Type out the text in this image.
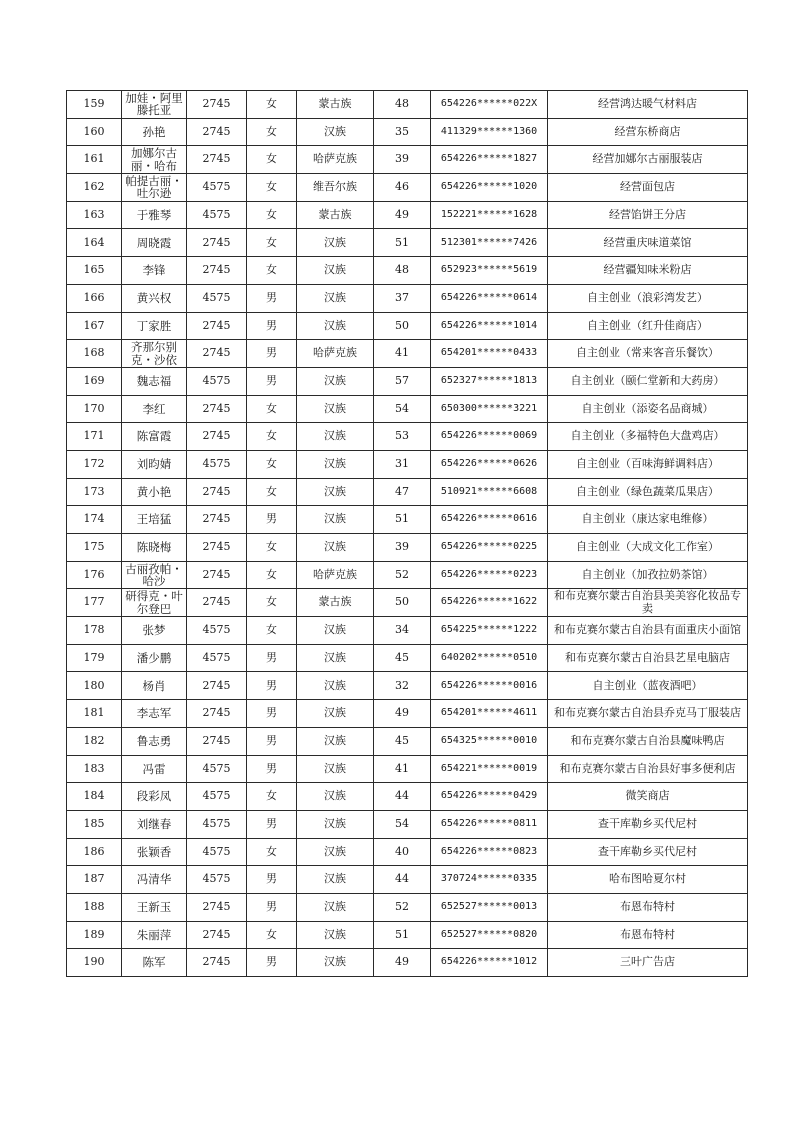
159	加娃・阿里滕托亚	2745	女	蒙古族	48	654226******022X	经营鸿达暖气材料店
160	孙艳	2745	女	汉族	35	411329******1360	经营东桥商店
161	加娜尔古丽・哈布	2745	女	哈萨克族	39	654226******1827	经营加娜尔古丽服装店
162	帕提古丽・吐尔逊	4575	女	维吾尔族	46	654226******1020	经营面包店
163	于雅琴	4575	女	蒙古族	49	152221******1628	经营馅饼王分店
164	周晓霞	2745	女	汉族	51	512301******7426	经营重庆味道菜馆
165	李锋	2745	女	汉族	48	652923******5619	经营疆知味米粉店
166	黄兴权	4575	男	汉族	37	654226******0614	自主创业（浪彩湾发艺）
167	丁家胜	2745	男	汉族	50	654226******1014	自主创业（红升佳商店）
168	齐那尔别克・沙依	2745	男	哈萨克族	41	654201******0433	自主创业（常来客音乐餐饮）
169	魏志福	4575	男	汉族	57	652327******1813	自主创业（颐仁堂新和大药房）
170	李红	2745	女	汉族	54	650300******3221	自主创业（添姿名品商城）
171	陈富霞	2745	女	汉族	53	654226******0069	自主创业（多福特色大盘鸡店）
172	刘昀婧	4575	女	汉族	31	654226******0626	自主创业（百味海鲜调料店）
173	黄小艳	2745	女	汉族	47	510921******6608	自主创业（绿色蔬菜瓜果店）
174	王培猛	2745	男	汉族	51	654226******0616	自主创业（康达家电维修）
175	陈晓梅	2745	女	汉族	39	654226******0225	自主创业（大成文化工作室）
176	古丽孜帕・哈沙	2745	女	哈萨克族	52	654226******0223	自主创业（加孜拉奶茶馆）
177	研得克・叶尔登巴	2745	女	蒙古族	50	654226******1622	和布克赛尔蒙古自治县美美容化妆品专卖
178	张梦	4575	女	汉族	34	654225******1222	和布克赛尔蒙古自治县有面重庆小面馆
179	潘少鹏	4575	男	汉族	45	640202******0510	和布克赛尔蒙古自治县艺星电脑店
180	杨肖	2745	男	汉族	32	654226******0016	自主创业（蓝夜酒吧）
181	李志军	2745	男	汉族	49	654201******4611	和布克赛尔蒙古自治县乔克马丁服装店
182	鲁志勇	2745	男	汉族	45	654325******0010	和布克赛尔蒙古自治县魔味鸭店
183	冯雷	4575	男	汉族	41	654221******0019	和布克赛尔蒙古自治县好事多便利店
184	段彩凤	4575	女	汉族	44	654226******0429	微笑商店
185	刘继春	4575	男	汉族	54	654226******0811	查干库勒乡买代尼村
186	张颖香	4575	女	汉族	40	654226******0823	查干库勒乡买代尼村
187	冯清华	4575	男	汉族	44	370724******0335	哈布图哈夏尔村
188	王新玉	2745	男	汉族	52	652527******0013	布恩布特村
189	朱丽萍	2745	女	汉族	51	652527******0820	布恩布特村
190	陈军	2745	男	汉族	49	654226******1012	三叶广告店
